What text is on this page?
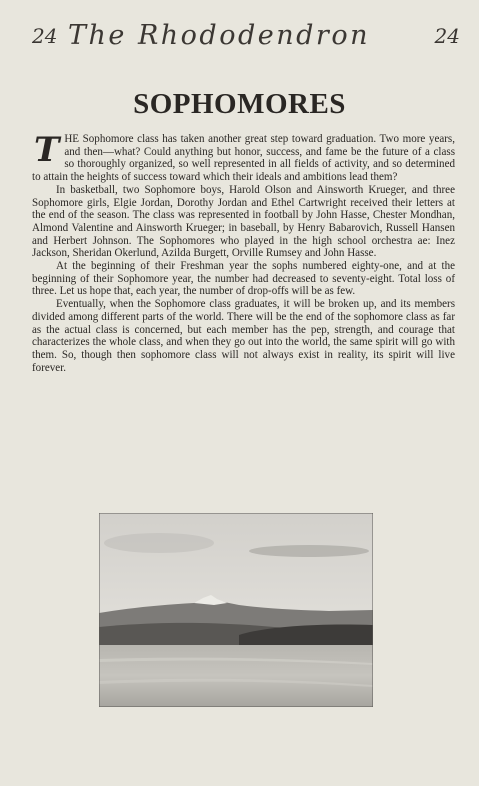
24 The Rhododendron	24
SOPHOMORES

THE Sophomore class has taken another great step toward graduation. Two more years, and then—what? Could anything but honor, success, and fame be the future of a class so thoroughly organized, so well represented in all fields of activity, and so determined to attain the heights of success toward which their ideals and ambitions lead them?

In basketball, two Sophomore boys, Harold Olson and Ainsworth Krueger, and three Sophomore girls, Elgie Jordan, Dorothy Jordan and Ethel Cartwright received their letters at the end of the season. The class was represented in football by John Hasse, Chester Mondhan, Almond Valentine and Ainsworth Krueger; in baseball, by Henry Babarovich, Russell Hansen and Herbert Johnson. The Sophomores who played in the high school orchestra ae: Inez Jackson, Sheridan Okerlund, Azilda Burgett, Orville Rumsey and John Hasse.

At the beginning of their Freshman year the sophs numbered eighty-one, and at the beginning of their Sophomore year, the number had decreased to seventy-eight. Total loss of three. Let us hope that, each year, the number of drop-offs will be as few.

Eventually, when the Sophomore class graduates, it will be broken up, and its members divided among different parts of the world. There will be the end of the sophomore class as far as the actual class is concerned, but each member has the pep, strength, and courage that characterizes the whole class, and when they go out into the world, the same spirit will go with them. So, though then sophomore class will not always exist in reality, its spirit will live forever.
